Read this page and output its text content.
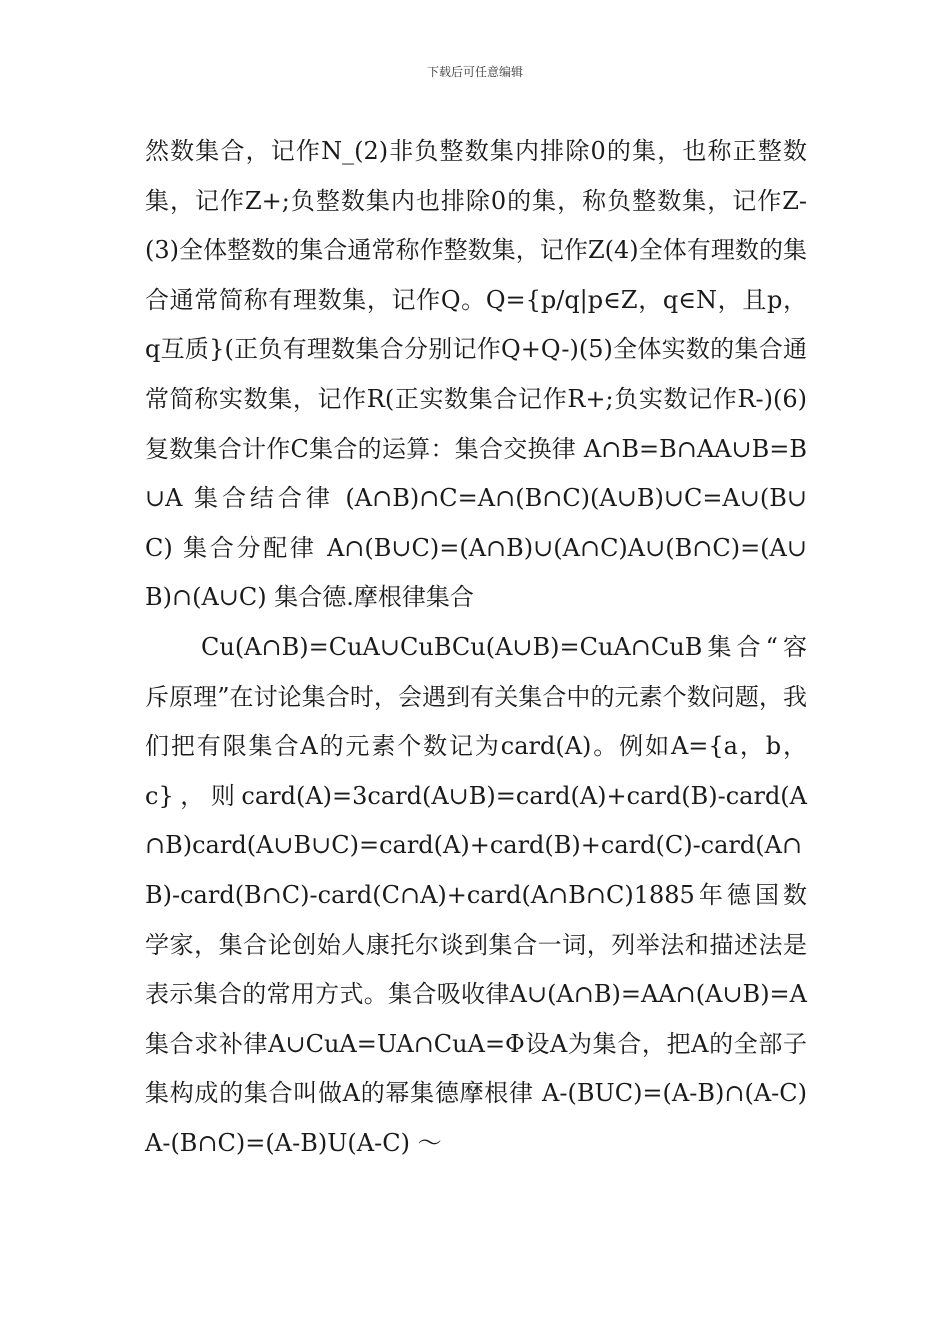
下载后可任意编辑

然数集合，记作N_(2)非负整数集内排除0的集，也称正整数集，记作Z+;负整数集内也排除0的集，称负整数集，记作Z-(3)全体整数的集合通常称作整数集，记作Z(4)全体有理数的集合通常简称有理数集，记作Q。Q={p/q|p∈Z，q∈N，且p，q互质}(正负有理数集合分别记作Q+Q-)(5)全体实数的集合通常简称实数集，记作R(正实数集合记作R+;负实数记作R-)(6)复数集合计作C集合的运算：集合交换律 A∩B=B∩AA∪B=B∪A 集合结合律 (A∩B)∩C=A∩(B∩C)(A∪B)∪C=A∪(B∪C) 集合分配律 A∩(B∪C)=(A∩B)∪(A∩C)A∪(B∩C)=(A∪B)∩(A∪C) 集合德.摩根律集合

Cu(A∩B)=CuA∪CuBCu(A∪B)=CuA∩CuB集合“容斥原理”在讨论集合时，会遇到有关集合中的元素个数问题，我们把有限集合A的元素个数记为card(A)。例如A={a，b，c}，则card(A)=3card(A∪B)=card(A)+card(B)-card(A∩B)card(A∪B∪C)=card(A)+card(B)+card(C)-card(A∩B)-card(B∩C)-card(C∩A)+card(A∩B∩C)1885年德国数学家，集合论创始人康托尔谈到集合一词，列举法和描述法是表示集合的常用方式。集合吸收律A∪(A∩B)=AA∩(A∪B)=A集合求补律A∪CuA=UA∩CuA=Φ设A为集合，把A的全部子集构成的集合叫做A的幂集德摩根律 A-(BUC)=(A-B)∩(A-C)A-(B∩C)=(A-B)U(A-C) ～
